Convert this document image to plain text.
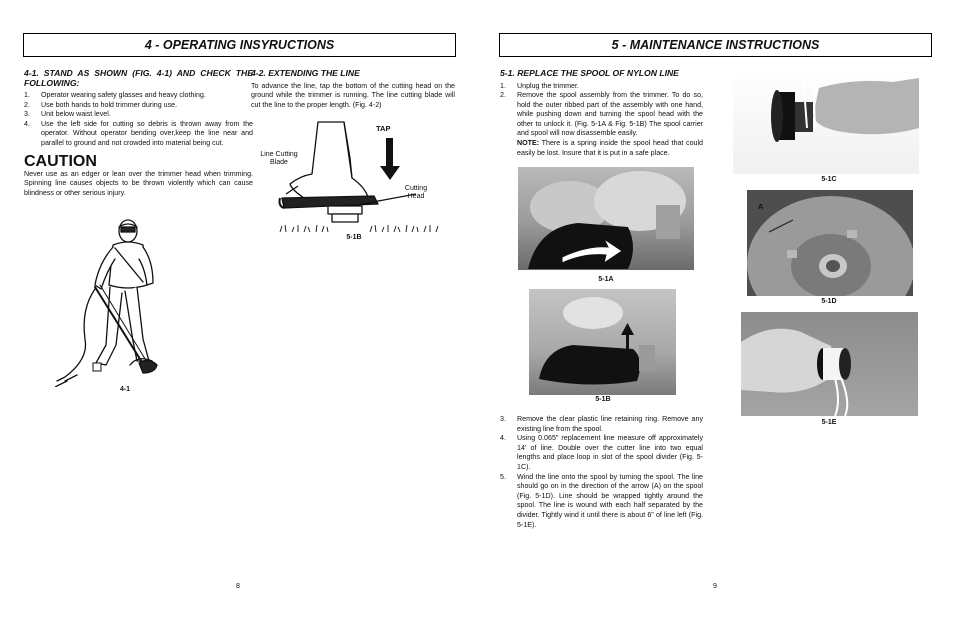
4 - OPERATING INSYRUCTIONS

4-1. STAND AS SHOWN (FIG. 4-1) AND CHECK THE FOLLOWING:

1. Operator wearing safety glasses and heavy clothing.
2. Use both hands to hold trimmer during use.
3. Unit below waist level.
4. Use the left side for cutting so debris is thrown away from the operator. Without operator bending over,keep the line near and parallel to ground and not crowded into material being cut.
CAUTION

Never use as an edger or lean over the trimmer head when trimming. Spinning line causes objects to be thrown violently which can cause blindness or other serious injury.

4-1

4-2. EXTENDING THE LINE

To advance the line, tap the bottom of the cutting head on the ground while the trimmer is running. The line cutting blade will cut the line to the proper length. (Fig. 4-2)

TAP
Line Cutting Blade
Cutting Head
5-1B
8
5 - MAINTENANCE INSTRUCTIONS

5-1. REPLACE THE SPOOL OF NYLON LINE

1. Unplug the trimmer.
2. Remove the spool assembly from the trimmer. To do so, hold the outer ribbed part of the assembly with one hand, while pushing down and turning the spool head with the other to unlock it. (Fig. 5-1A & Fig. 5-1B) The spool carrier and spool will now disassemble easily.

NOTE: There is a spring inside the spool head that could easily be lost. Insure that it is put in a safe place.

5-1A
5-1B
3. Remove the clear plastic line retaining ring. Remove any existing line from the spool.
4. Using 0.065" replacement line measure off approximately 14' of line. Double over the cutter line into two equal lengths and place loop in slot of the spool divider (Fig. 5-1C).
5. Wind the line onto the spool by turning the spool. The line should go on in the direction of the arrow (A) on the spool (Fig. 5-1D). Line should be wrapped tightly around the spool. The line is wound with each half separated by the divider. Tightly wind it until there is about 6" of line left (Fig. 5-1E).
5-1C
A
5-1D
5-1E
9
